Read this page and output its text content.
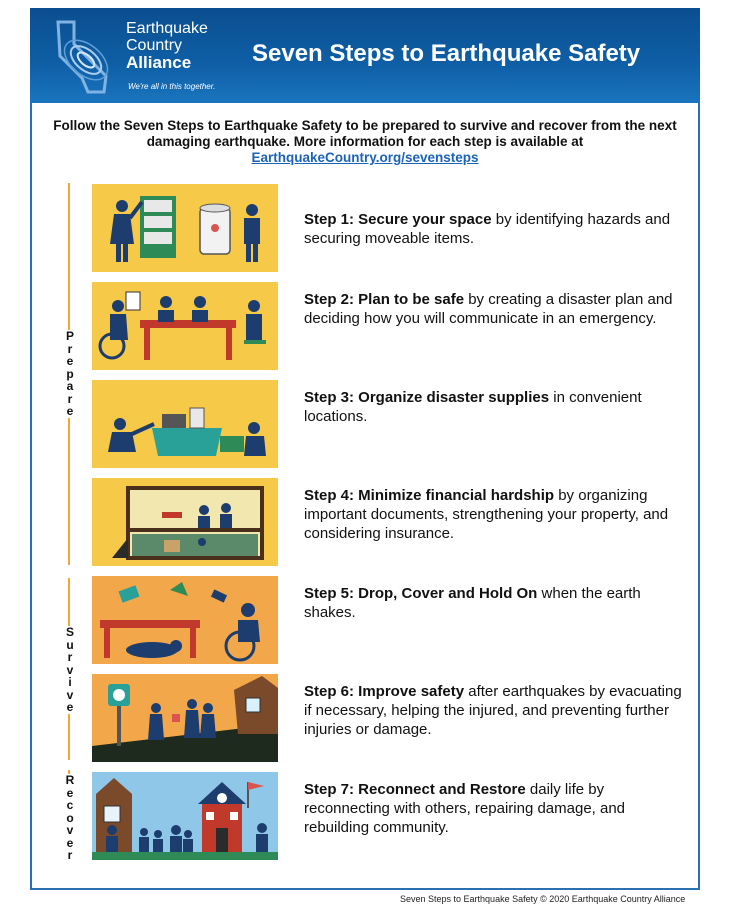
Earthquake
Country
Alliance
We're all in this together.
Seven Steps to Earthquake Safety
Follow the Seven Steps to Earthquake Safety to be prepared to survive and recover from the next damaging earthquake. More information for each step is available at
EarthquakeCountry.org/sevensteps
P
r
e
p
a
r
e
S
u
r
v
i
v
e
R
e
c
o
v
e
r
Step 1: Secure your space by identifying hazards and securing moveable items.
Step 2: Plan to be safe by creating a disaster plan and deciding how you will communicate in an emergency.
Step 3: Organize disaster supplies in convenient locations.
Step 4: Minimize financial hardship by organizing important documents, strengthening your property, and considering insurance.
Step 5: Drop, Cover and Hold On when the earth shakes.
Step 6: Improve safety after earthquakes by evacuating if necessary, helping the injured, and preventing further injuries or damage.
Step 7: Reconnect and Restore daily life by reconnecting with others, repairing damage, and rebuilding community.
Seven Steps to Earthquake Safety © 2020 Earthquake Country Alliance
